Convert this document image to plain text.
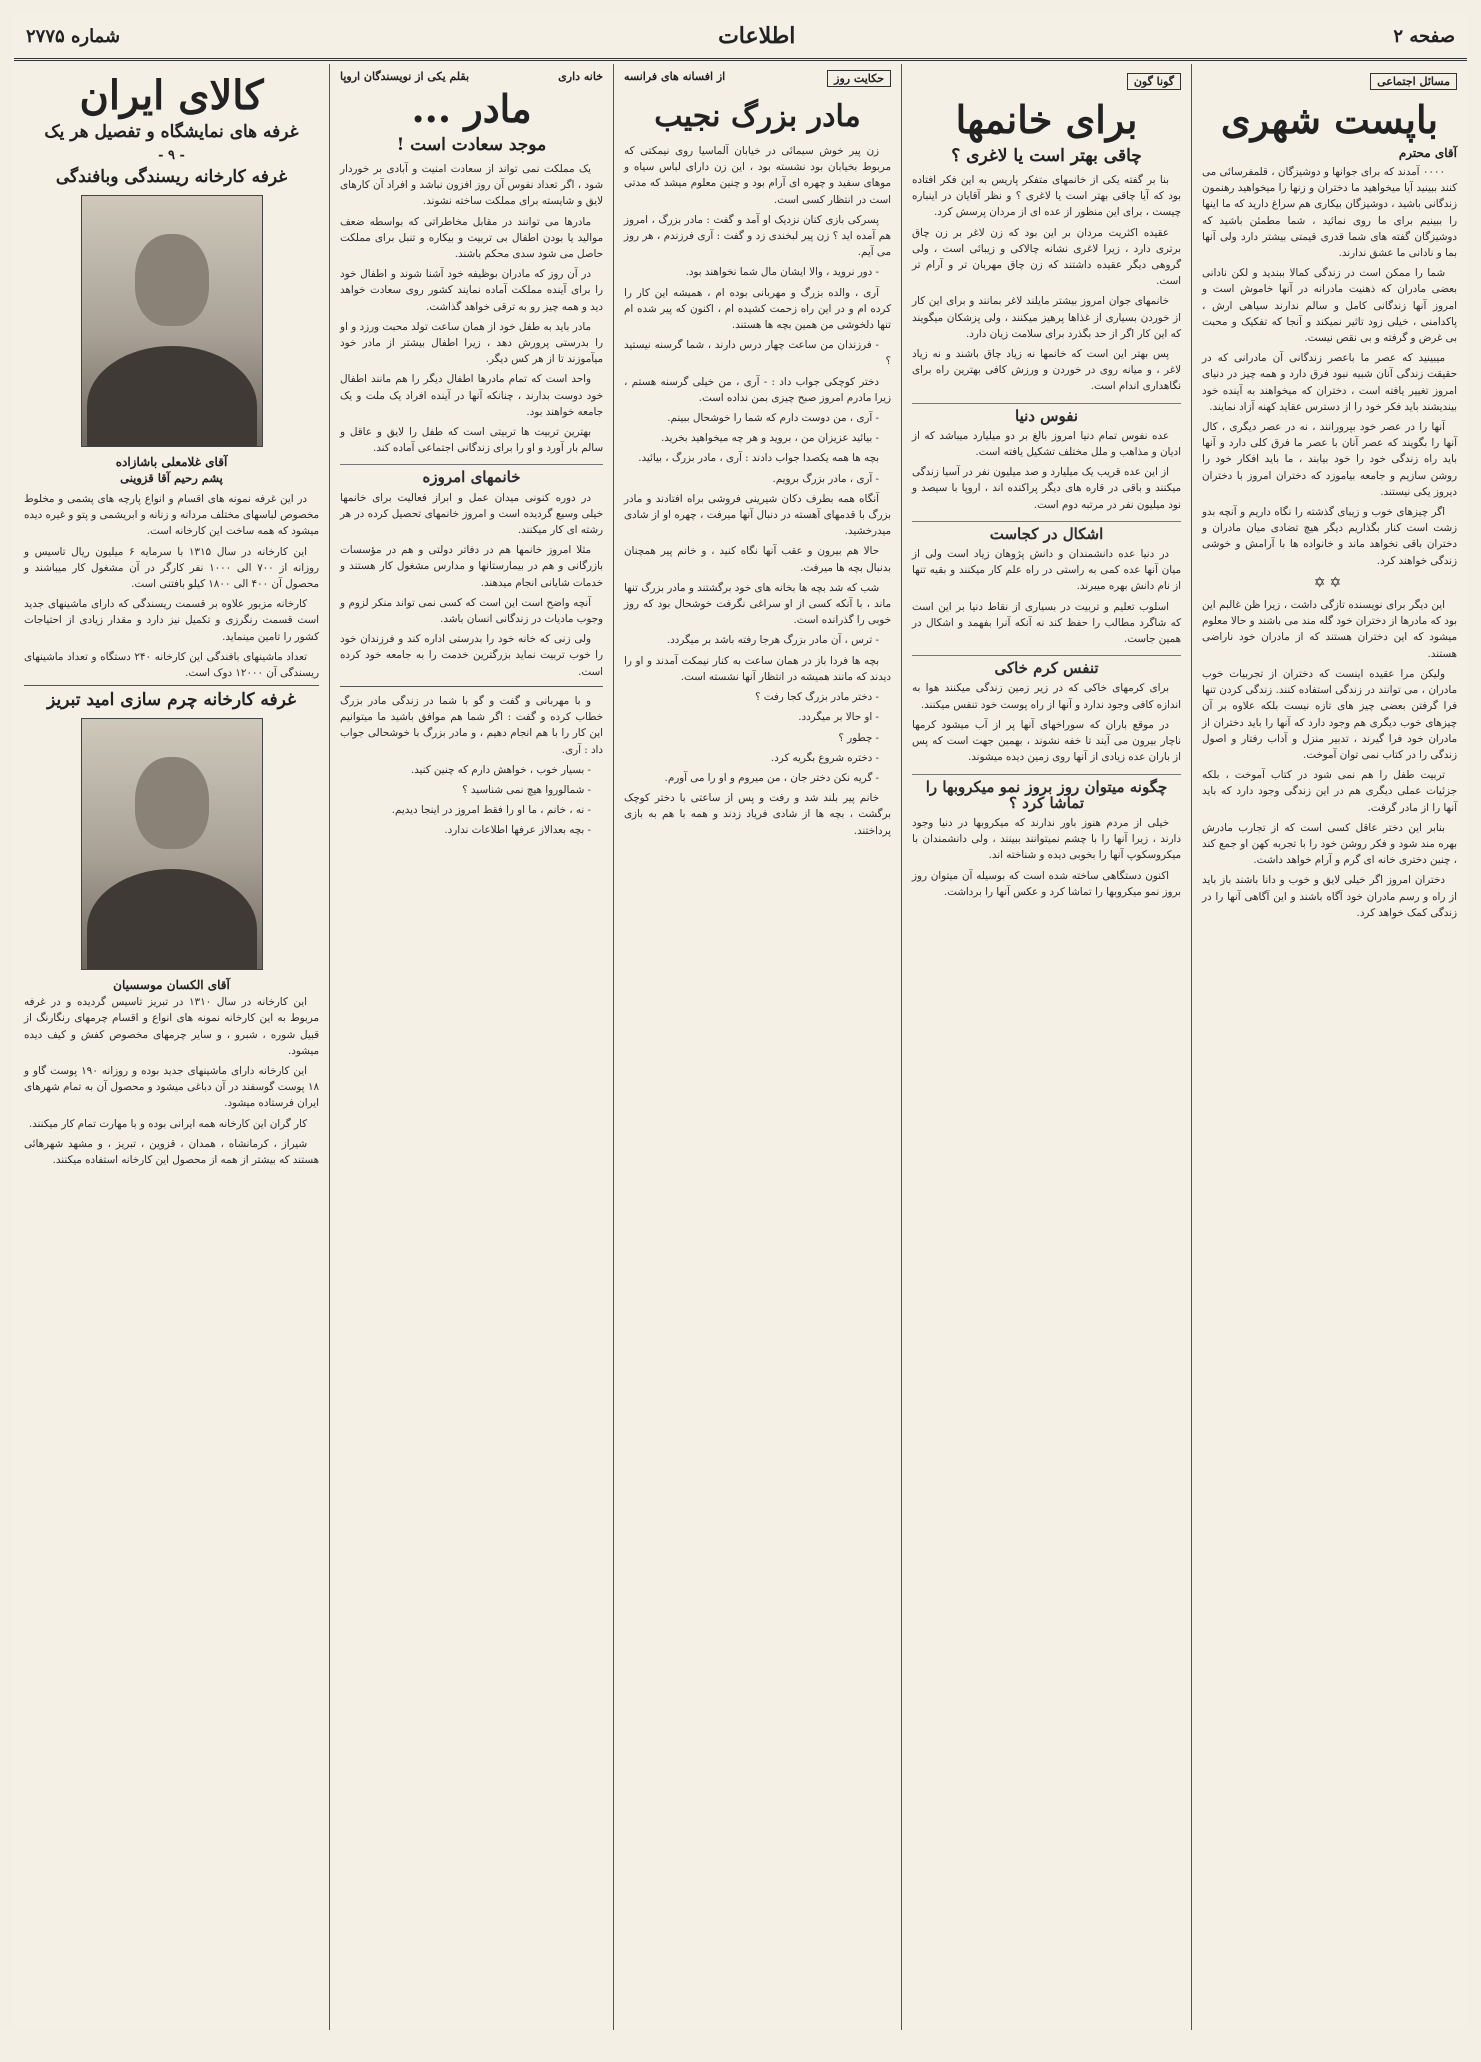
صفحه ۲
اطلاعات
شماره ۲۷۷۵
مسائل اجتماعی
باپست شهری
آقای محترم

۰۰۰۰ آمدند که برای جوانها و دوشیزگان ، قلمفرسائی می کنند ببینید آیا میخواهید ما دختران و زنها را میخواهید رهنمون زندگانی باشید ، دوشیزگان بیکاری هم سراغ دارید که ما اینها را ببینیم برای ما روی نمائید ، شما مطمئن باشید که دوشیزگان گفته های شما قدری قیمتی بیشتر دارد ولی آنها بما و نادانی ما عشق ندارند.

شما را ممکن است در زندگی کمالا ببندید و لکن نادانی بعضی مادران که ذهنیت مادرانه در آنها خاموش است و امروز آنها زندگانی کامل و سالم ندارند سیاهی ارش ، پاکدامنی ، خیلی زود تاثیر نمیکند و آنجا که تفکیک و محبت بی غرض و گرفته و بی نقص نیست.

میبینید که عصر ما باعصر زندگانی آن مادرانی که در حقیقت زندگی آنان شبیه نبود فرق دارد و همه چیز در دنیای امروز تغییر یافته است ، دختران که میخواهند به آینده خود بیندیشند باید فکر خود را از دسترس عقاید کهنه آزاد نمایند.

آنها را در عصر خود بپرورانند ، نه در عصر دیگری ، کال آنها را بگویند که عصر آنان با عصر ما فرق کلی دارد و آنها باید راه زندگی خود را خود بیابند ، ما باید افکار خود را روشن سازیم و جامعه بیاموزد که دختران امروز با دختران دیروز یکی نیستند.

اگر چیزهای خوب و زیبای گذشته را نگاه داریم و آنچه بدو زشت است کنار بگذاریم دیگر هیچ تضادی میان مادران و دختران باقی نخواهد ماند و خانواده ها با آرامش و خوشی زندگی خواهند کرد.

✡✡

این دیگر برای نویسنده تازگی داشت ، زیرا ظن غالبم این بود که مادرها از دختران خود گله مند می باشند و حالا معلوم میشود که این دختران هستند که از مادران خود ناراضی هستند.

ولیکن مرا عقیده اینست که دختران از تجربیات خوب مادران ، می توانند در زندگی استفاده کنند. زندگی کردن تنها فرا گرفتن بعضی چیز های تازه نیست بلکه علاوه بر آن چیزهای خوب دیگری هم وجود دارد که آنها را باید دختران از مادران خود فرا گیرند ، تدبیر منزل و آداب رفتار و اصول زندگی را در کتاب نمی توان آموخت.

تربیت طفل را هم نمی شود در کتاب آموخت ، بلکه جزئیات عملی دیگری هم در این زندگی وجود دارد که باید آنها را از مادر گرفت.

بنابر این دختر عاقل کسی است که از تجارب مادرش بهره مند شود و فکر روشن خود را با تجربه کهن او جمع کند ، چنین دختری خانه ای گرم و آرام خواهد داشت.

دختران امروز اگر خیلی لایق و خوب و دانا باشند باز باید از راه و رسم مادران خود آگاه باشند و این آگاهی آنها را در زندگی کمک خواهد کرد.

گونا گون
برای خانمها
چاقی بهتر است یا لاغری ؟

بنا بر گفته یکی از خانمهای متفکر پاریس به این فکر افتاده بود که آیا چاقی بهتر است یا لاغری ؟ و نظر آقایان در اینباره چیست ، برای این منظور از عده ای از مردان پرسش کرد.

عقیده اکثریت مردان بر این بود که زن لاغر بر زن چاق برتری دارد ، زیرا لاغری نشانه چالاکی و زیبائی است ، ولی گروهی دیگر عقیده داشتند که زن چاق مهربان تر و آرام تر است.

خانمهای جوان امروز بیشتر مایلند لاغر بمانند و برای این کار از خوردن بسیاری از غذاها پرهیز میکنند ، ولی پزشکان میگویند که این کار اگر از حد بگذرد برای سلامت زیان دارد.

پس بهتر این است که خانمها نه زیاد چاق باشند و نه زیاد لاغر ، و میانه روی در خوردن و ورزش کافی بهترین راه برای نگاهداری اندام است.

نفوس دنیا

عده نفوس تمام دنیا امروز بالغ بر دو میلیارد میباشد که از ادیان و مذاهب و ملل مختلف تشکیل یافته است.

از این عده قریب یک میلیارد و صد میلیون نفر در آسیا زندگی میکنند و باقی در قاره های دیگر پراکنده اند ، اروپا با سیصد و نود میلیون نفر در مرتبه دوم است.

اشکال در کجاست

در دنیا عده دانشمندان و دانش پژوهان زیاد است ولی از میان آنها عده کمی به راستی در راه علم کار میکنند و بقیه تنها از نام دانش بهره میبرند.

اسلوب تعلیم و تربیت در بسیاری از نقاط دنیا بر این است که شاگرد مطالب را حفظ کند نه آنکه آنرا بفهمد و اشکال در همین جاست.

تنفس کرم خاکی

برای کرمهای خاکی که در زیر زمین زندگی میکنند هوا به اندازه کافی وجود ندارد و آنها از راه پوست خود تنفس میکنند.

در موقع باران که سوراخهای آنها پر از آب میشود کرمها ناچار بیرون می آیند تا خفه نشوند ، بهمین جهت است که پس از باران عده زیادی از آنها روی زمین دیده میشوند.

چگونه میتوان روز بروز نمو میکروبها را تماشا کرد ؟

خیلی از مردم هنوز باور ندارند که میکروبها در دنیا وجود دارند ، زیرا آنها را با چشم نمیتوانند ببینند ، ولی دانشمندان با میکروسکوپ آنها را بخوبی دیده و شناخته اند.

اکنون دستگاهی ساخته شده است که بوسیله آن میتوان روز بروز نمو میکروبها را تماشا کرد و عکس آنها را برداشت.

حکایت روز
از افسانه های فرانسه
مادر بزرگ نجیب

زن پیر خوش سیمائی در خیابان آلماسیا روی نیمکتی که مربوط بخیابان بود نشسته بود ، این زن دارای لباس سیاه و موهای سفید و چهره ای آرام بود و چنین معلوم میشد که مدتی است در انتظار کسی است.

پسرکی بازی کنان نزدیک او آمد و گفت : مادر بزرگ ، امروز هم آمده اید ؟ زن پیر لبخندی زد و گفت : آری فرزندم ، هر روز می آیم.

- دور نروید ، والا ایشان مال شما نخواهند بود.

آری ، والده بزرگ و مهربانی بوده ام ، همیشه این کار را کرده ام و در این راه زحمت کشیده ام ، اکنون که پیر شده ام تنها دلخوشی من همین بچه ها هستند.

- فرزندان من ساعت چهار درس دارند ، شما گرسنه نیستید ؟

دختر کوچکی جواب داد : - آری ، من خیلی گرسنه هستم ، زیرا مادرم امروز صبح چیزی بمن نداده است.

- آری ، من دوست دارم که شما را خوشحال ببینم.

- بیائید عزیزان من ، بروید و هر چه میخواهید بخرید.

بچه ها همه یکصدا جواب دادند : آری ، مادر بزرگ ، بیائید.

- آری ، مادر بزرگ برویم.

آنگاه همه بطرف دکان شیرینی فروشی براه افتادند و مادر بزرگ با قدمهای آهسته در دنبال آنها میرفت ، چهره او از شادی میدرخشید.

حالا هم بیرون و عقب آنها نگاه کنید ، و خانم پیر همچنان بدنبال بچه ها میرفت.

شب که شد بچه ها بخانه های خود برگشتند و مادر بزرگ تنها ماند ، با آنکه کسی از او سراغی نگرفت خوشحال بود که روز خوبی را گذرانده است.

- ترس ، آن مادر بزرگ هرجا رفته باشد بر میگردد.

بچه ها فردا باز در همان ساعت به کنار نیمکت آمدند و او را دیدند که مانند همیشه در انتظار آنها نشسته است.

- دختر مادر بزرگ کجا رفت ؟

- او حالا بر میگردد.

- چطور ؟

- دختره شروع بگریه کرد.

- گریه نکن دختر جان ، من میروم و او را می آورم.

خانم پیر بلند شد و رفت و پس از ساعتی با دختر کوچک برگشت ، بچه ها از شادی فریاد زدند و همه با هم به بازی پرداختند.

خانه داری
بقلم یکی از نویسندگان اروپا
مادر ...
موجد سعادت است !

یک مملکت نمی تواند از سعادت امنیت و آبادی بر خوردار شود ، اگر تعداد نفوس آن روز افزون نباشد و افراد آن کارهای لایق و شایسته برای مملکت ساخته نشوند.

مادرها می توانند در مقابل مخاطراتی که بواسطه ضعف موالید یا بودن اطفال بی تربیت و بیکاره و تنبل برای مملکت حاصل می شود سدی محکم باشند.

در آن روز که مادران بوظیفه خود آشنا شوند و اطفال خود را برای آینده مملکت آماده نمایند کشور روی سعادت خواهد دید و همه چیز رو به ترقی خواهد گذاشت.

مادر باید به طفل خود از همان ساعت تولد محبت ورزد و او را بدرستی پرورش دهد ، زیرا اطفال بیشتر از مادر خود میآموزند تا از هر کس دیگر.

واحد است که تمام مادرها اطفال دیگر را هم مانند اطفال خود دوست بدارند ، چنانکه آنها در آینده افراد یک ملت و یک جامعه خواهند بود.

بهترین تربیت ها تربیتی است که طفل را لایق و عاقل و سالم بار آورد و او را برای زندگانی اجتماعی آماده کند.

خانمهای امروزه

در دوره کنونی میدان عمل و ابراز فعالیت برای خانمها خیلی وسیع گردیده است و امروز خانمهای تحصیل کرده در هر رشته ای کار میکنند.

مثلا امروز خانمها هم در دفاتر دولتی و هم در مؤسسات بازرگانی و هم در بیمارستانها و مدارس مشغول کار هستند و خدمات شایانی انجام میدهند.

آنچه واضح است این است که کسی نمی تواند منکر لزوم و وجوب مادیات در زندگانی انسان باشد.

ولی زنی که خانه خود را بدرستی اداره کند و فرزندان خود را خوب تربیت نماید بزرگترین خدمت را به جامعه خود کرده است.

و با مهربانی و گفت و گو با شما در زندگی مادر بزرگ خطاب کرده و گفت : اگر شما هم موافق باشید ما میتوانیم این کار را با هم انجام دهیم ، و مادر بزرگ با خوشحالی جواب داد : آری.

- بسیار خوب ، خواهش دارم که چنین کنید.

- شمالوروا هیچ نمی شناسید ؟

- نه ، خانم ، ما او را فقط امروز در اینجا دیدیم.

- بچه بعدالاز عرفها اطلاعات ندارد.

کالای ایران
غرفه های نمایشگاه و تفصیل هر یک
- ۹ -
غرفه کارخانه ریسندگی وبافندگی
آقای غلامعلی باشازاده
پشم رحیم آقا قزوینی

در این غرفه نمونه های اقسام و انواع پارچه های پشمی و مخلوط مخصوص لباسهای مختلف مردانه و زنانه و ابریشمی و پتو و غیره دیده میشود که همه ساخت این کارخانه است.

این کارخانه در سال ۱۳۱۵ با سرمایه ۶ میلیون ریال تاسیس و روزانه از ۷۰۰ الی ۱۰۰۰ نفر کارگر در آن مشغول کار میباشند و محصول آن ۴۰۰ الی ۱۸۰۰ کیلو بافتنی است.

کارخانه مزبور علاوه بر قسمت ریسندگی که دارای ماشینهای جدید است قسمت رنگرزی و تکمیل نیز دارد و مقدار زیادی از احتیاجات کشور را تامین مینماید.

تعداد ماشینهای بافندگی این کارخانه ۲۴۰ دستگاه و تعداد ماشینهای ریسندگی آن ۱۲۰۰۰ دوک است.

غرفه کارخانه چرم سازی امید تبریز
آقای الکسان موسسیان

این کارخانه در سال ۱۳۱۰ در تبریز تاسیس گردیده و در غرفه مربوط به این کارخانه نمونه های انواع و اقسام چرمهای رنگارنگ از قبیل شوره ، شبرو ، و سایر چرمهای مخصوص کفش و کیف دیده میشود.

این کارخانه دارای ماشینهای جدید بوده و روزانه ۱۹۰ پوست گاو و ۱۸ پوست گوسفند در آن دباغی میشود و محصول آن به تمام شهرهای ایران فرستاده میشود.

کار گران این کارخانه همه ایرانی بوده و با مهارت تمام کار میکنند.

شیراز ، کرمانشاه ، همدان ، قزوین ، تبریز ، و مشهد شهرهائی هستند که بیشتر از همه از محصول این کارخانه استفاده میکنند.
